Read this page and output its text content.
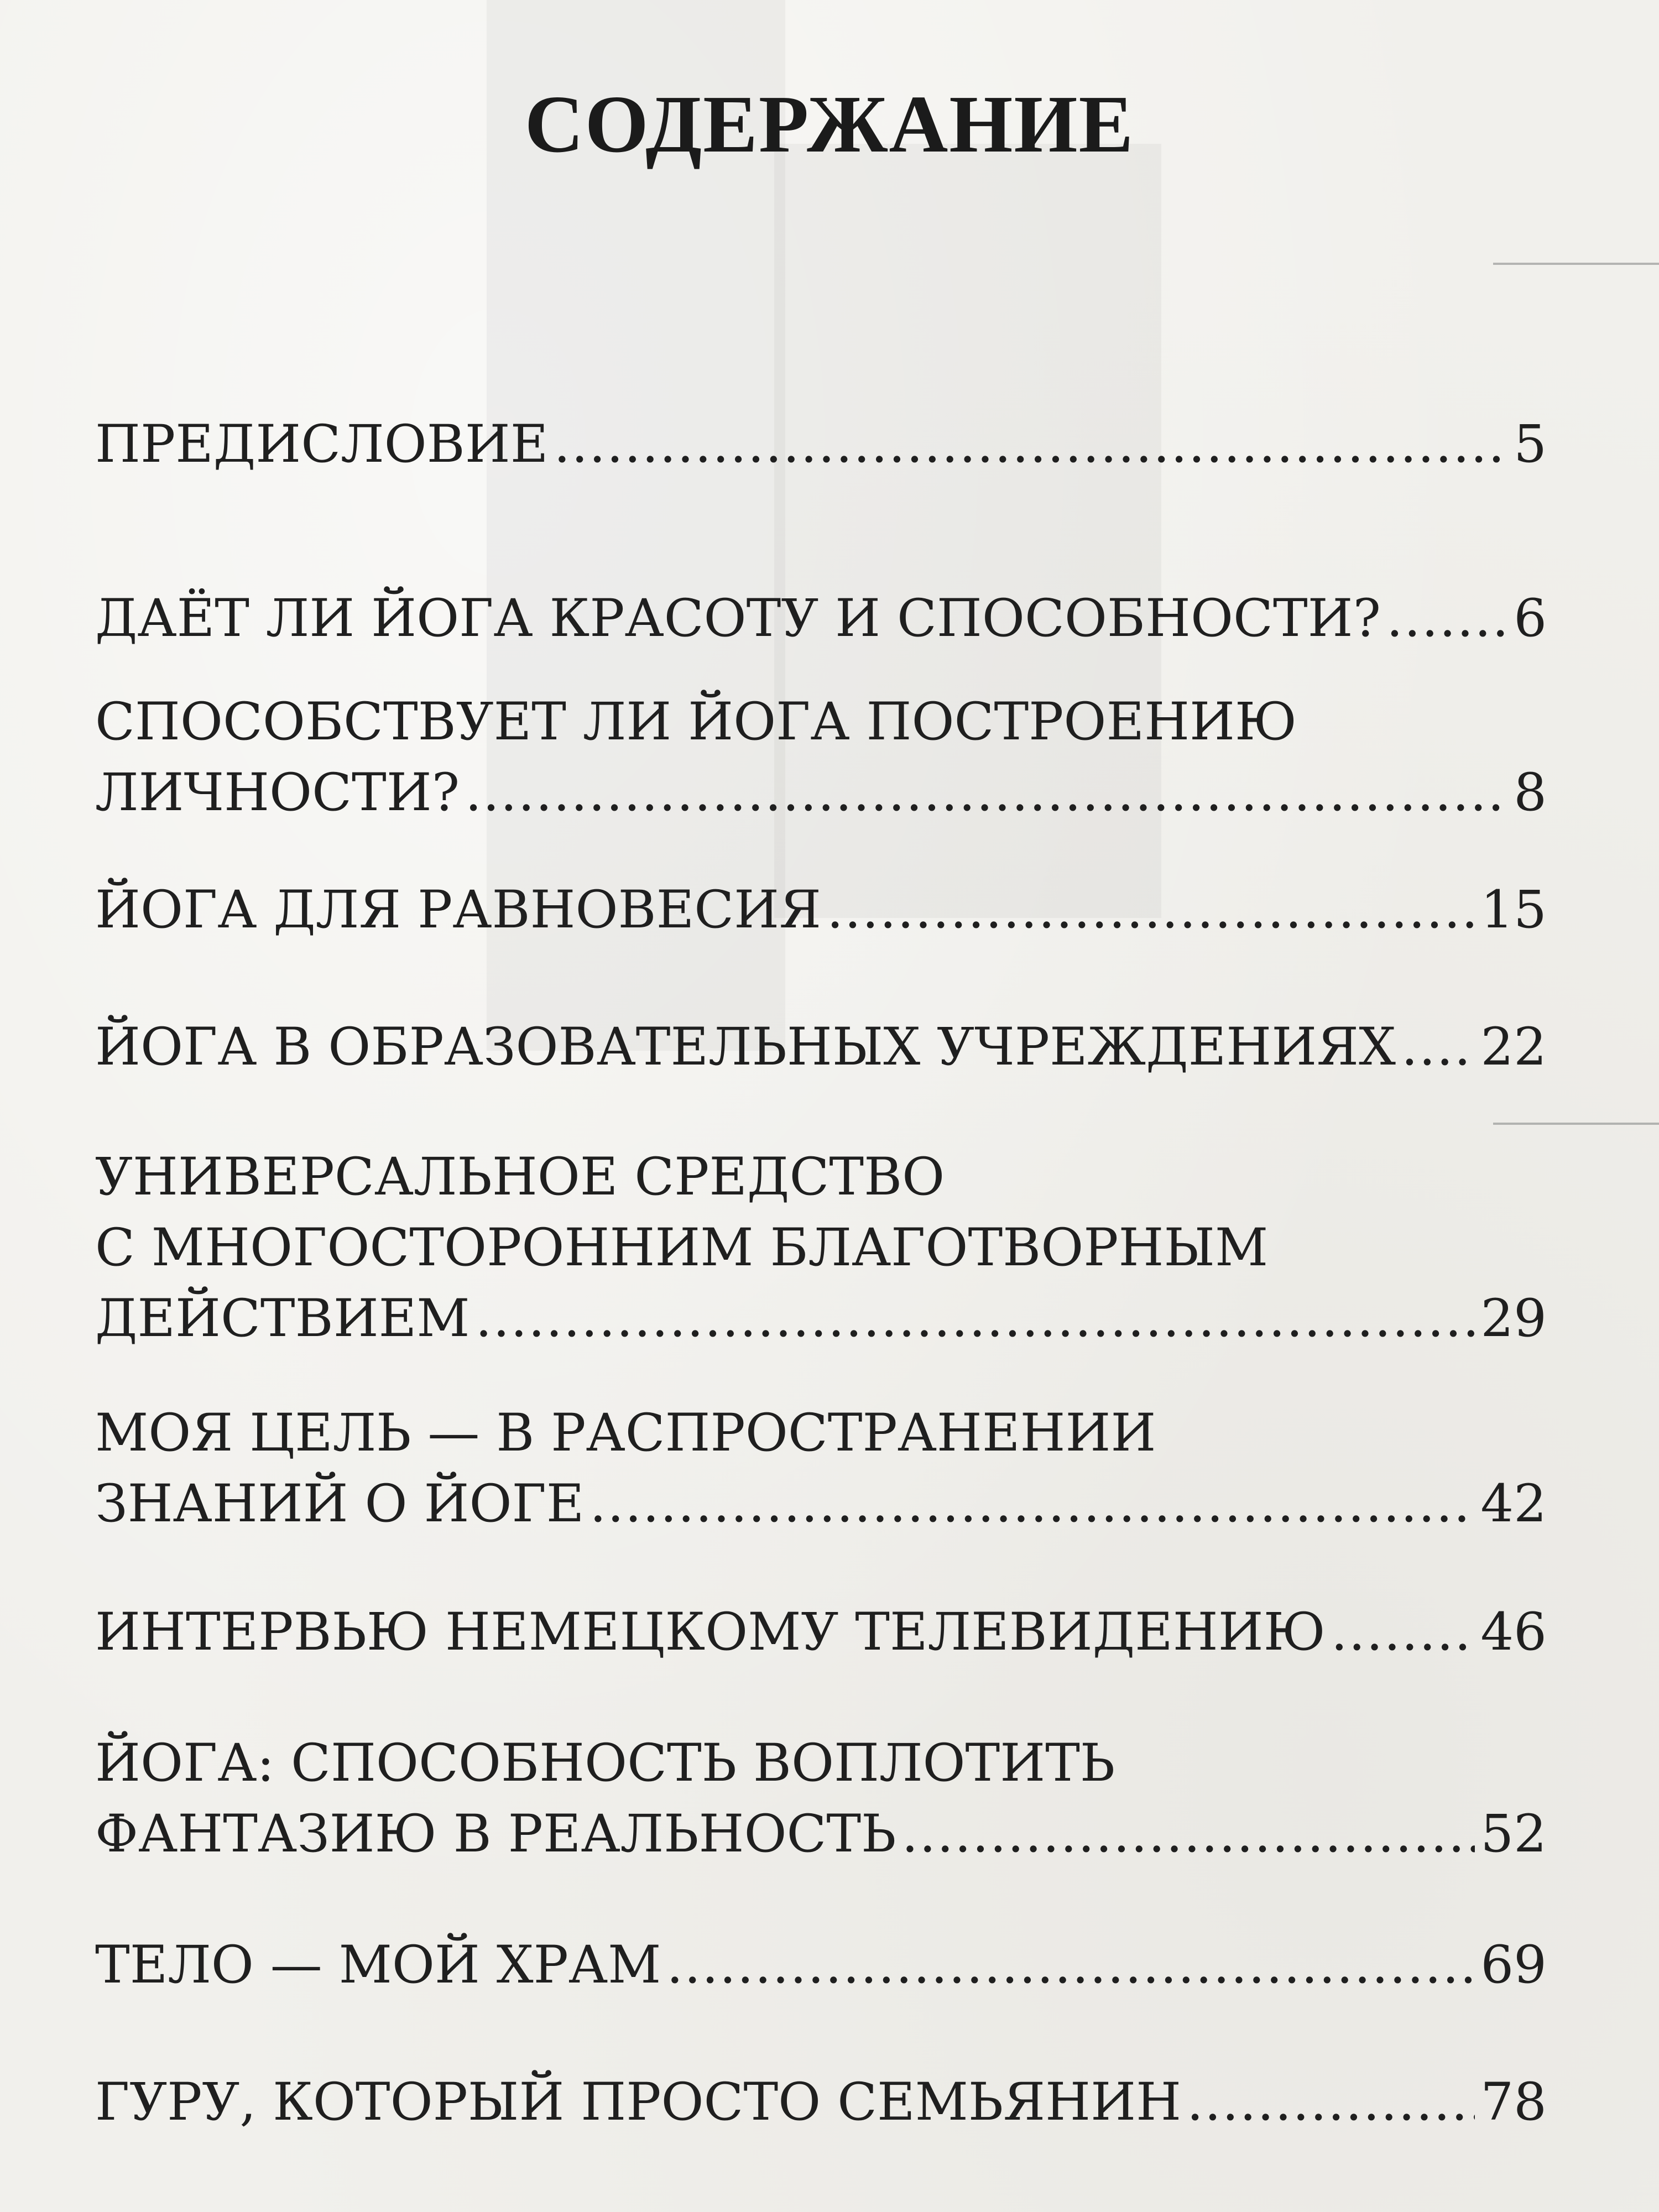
СОДЕРЖАНИЕ
ПРЕДИСЛОВИЕ .....	5
ДАЁТ ЛИ ЙОГА КРАСОТУ И СПОСОБНОСТИ? .....	6
СПОСОБСТВУЕТ ЛИ ЙОГА ПОСТРОЕНИЮ
ЛИЧНОСТИ? .....	8
ЙОГА ДЛЯ РАВНОВЕСИЯ .....	15
ЙОГА В ОБРАЗОВАТЕЛЬНЫХ УЧРЕЖДЕНИЯХ ..... 22
УНИВЕРСАЛЬНОЕ СРЕДСТВО
С МНОГОСТОРОННИМ БЛАГОТВОРНЫМ
ДЕЙСТВИЕМ .....	29
МОЯ ЦЕЛЬ — В РАСПРОСТРАНЕНИИ
ЗНАНИЙ О ЙОГЕ .....	42
ИНТЕРВЬЮ НЕМЕЦКОМУ ТЕЛЕВИДЕНИЮ .....	46
ЙОГА: СПОСОБНОСТЬ ВОПЛОТИТЬ
ФАНТАЗИЮ В РЕАЛЬНОСТЬ .....	52
ТЕЛО — МОЙ ХРАМ .....	69
ГУРУ, КОТОРЫЙ ПРОСТО СЕМЬЯНИН .....	78
